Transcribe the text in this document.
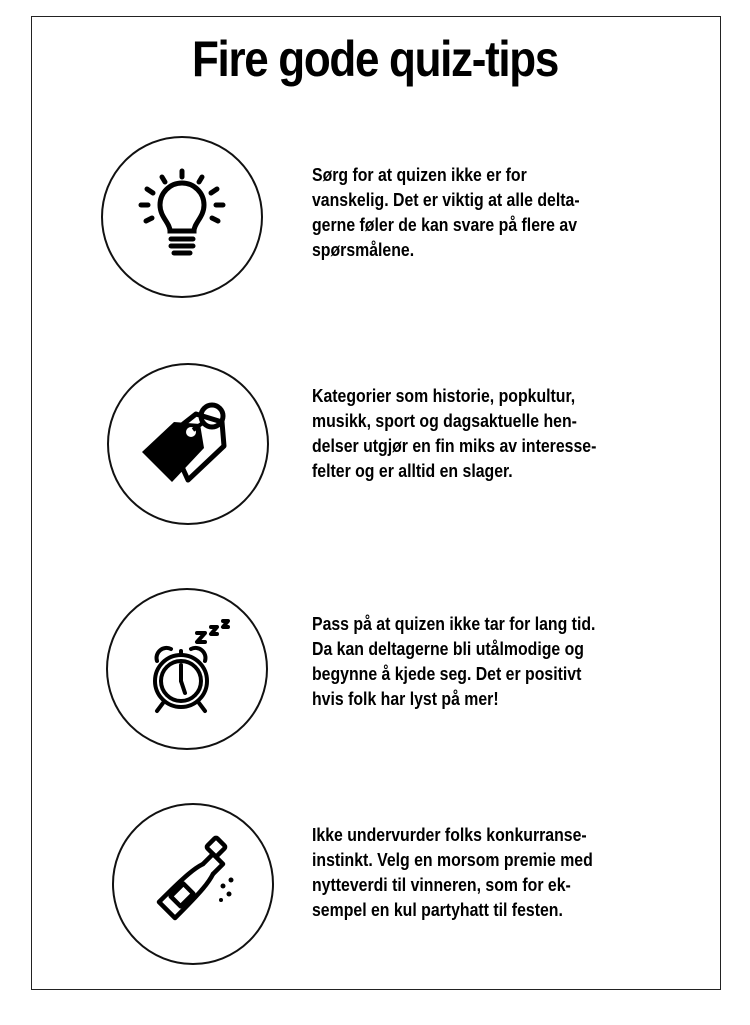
Fire gode quiz-tips
Sørg for at quizen ikke er for
vanskelig. Det er viktig at alle delta-
gerne føler de kan svare på flere av
spørsmålene.
Kategorier som historie, popkultur,
musikk, sport og dagsaktuelle hen-
delser utgjør en fin miks av interesse-
felter og er alltid en slager.
Pass på at quizen ikke tar for lang tid.
Da kan deltagerne bli utålmodige og
begynne å kjede seg. Det er positivt
hvis folk har lyst på mer!
Ikke undervurder folks konkurranse-
instinkt. Velg en morsom premie med
nytteverdi til vinneren, som for ek-
sempel en kul partyhatt til festen.
